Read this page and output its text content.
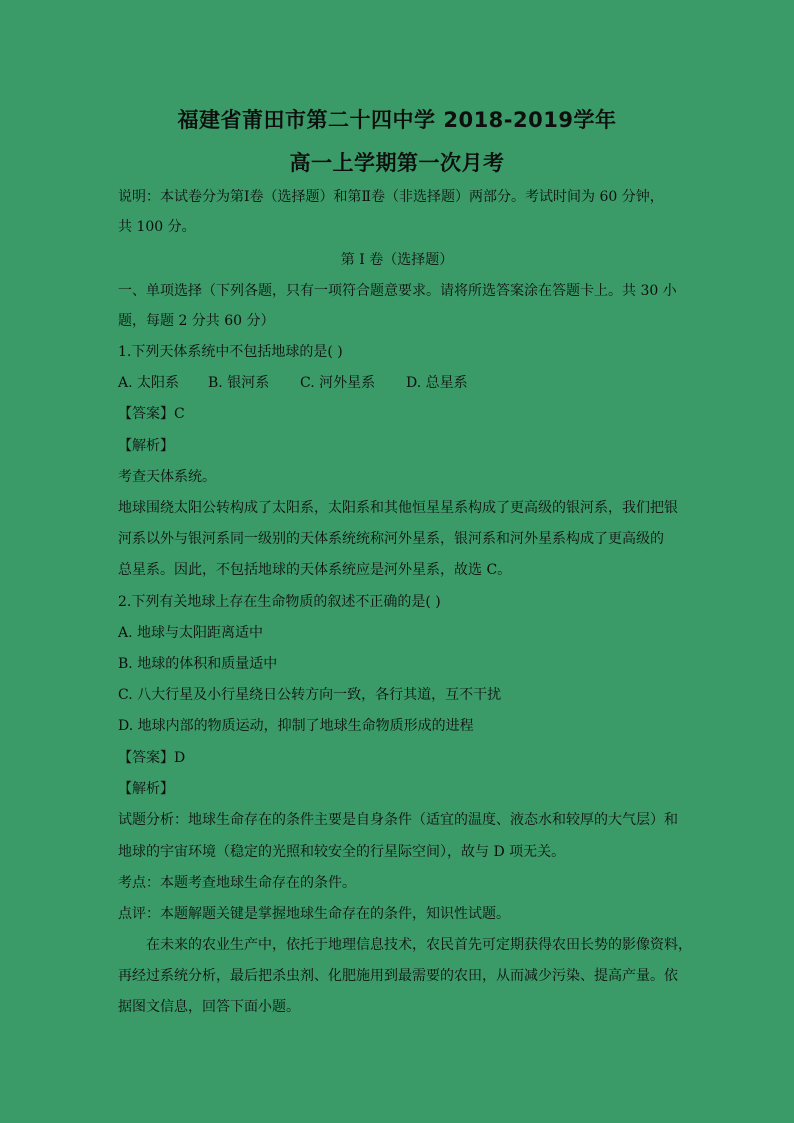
福建省莆田市第二十四中学 2018-2019学年
高一上学期第一次月考
说明：本试卷分为第Ⅰ卷（选择题）和第Ⅱ卷（非选择题）两部分。考试时间为 60 分钟，
共 100 分。
第 I 卷（选择题）
一、单项选择（下列各题，只有一项符合题意要求。请将所选答案涂在答题卡上。共 30 小
题，每题 2 分共 60 分）
1.下列天体系统中不包括地球的是( )
A. 太阳系 B. 银河系 C. 河外星系 D. 总星系
【答案】C
【解析】
考查天体系统。
地球围绕太阳公转构成了太阳系，太阳系和其他恒星星系构成了更高级的银河系，我们把银
河系以外与银河系同一级别的天体系统统称河外星系，银河系和河外星系构成了更高级的
总星系。因此，不包括地球的天体系统应是河外星系，故选 C。
2.下列有关地球上存在生命物质的叙述不正确的是( )
A. 地球与太阳距离适中
B. 地球的体积和质量适中
C. 八大行星及小行星绕日公转方向一致，各行其道，互不干扰
D. 地球内部的物质运动，抑制了地球生命物质形成的进程
【答案】D
【解析】
试题分析：地球生命存在的条件主要是自身条件（适宜的温度、液态水和较厚的大气层）和
地球的宇宙环境（稳定的光照和较安全的行星际空间），故与 D 项无关。
考点：本题考查地球生命存在的条件。
点评：本题解题关键是掌握地球生命存在的条件，知识性试题。
在未来的农业生产中，依托于地理信息技术，农民首先可定期获得农田长势的影像资料，
再经过系统分析，最后把杀虫剂、化肥施用到最需要的农田，从而减少污染、提高产量。依
据图文信息，回答下面小题。
